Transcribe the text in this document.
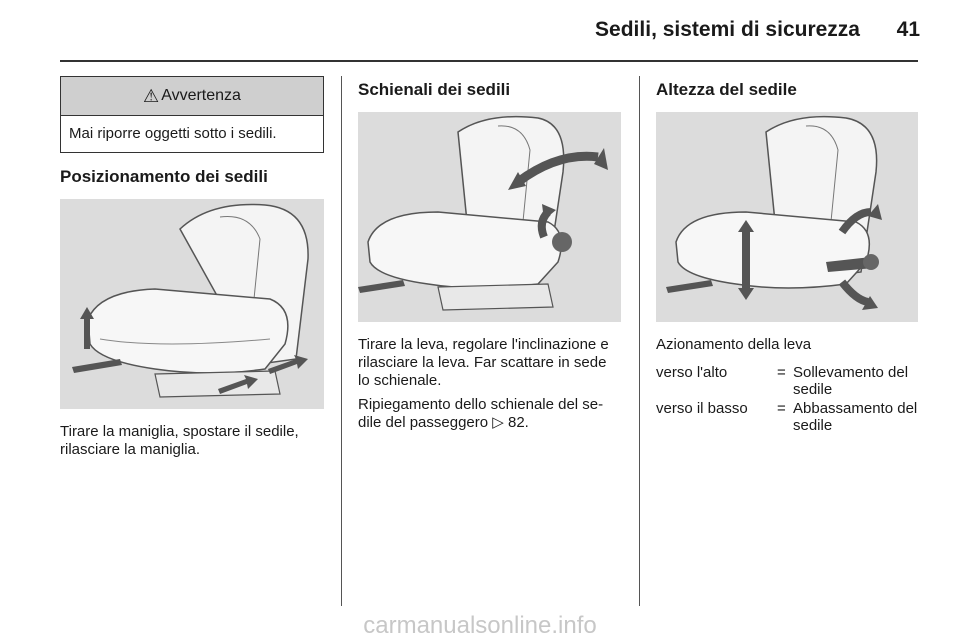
Sedili, sistemi di sicurezza 41
⚠ Avvertenza
Mai riporre oggetti sotto i sedili.
Posizionamento dei sedili

Tirare la maniglia, spostare il sedile, rilasciare la maniglia.

Schienali dei sedili

Tirare la leva, regolare l'inclinazione e rilasciare la leva. Far scattare in sede lo schienale.

Ripiegamento dello schienale del se-dile del passeggero ▷ 82.

Altezza del sedile

Azionamento della leva

verso l'alto	= Sollevamento del sedile
verso il basso	= Abbassamento del sedile
carmanualsonline.info
